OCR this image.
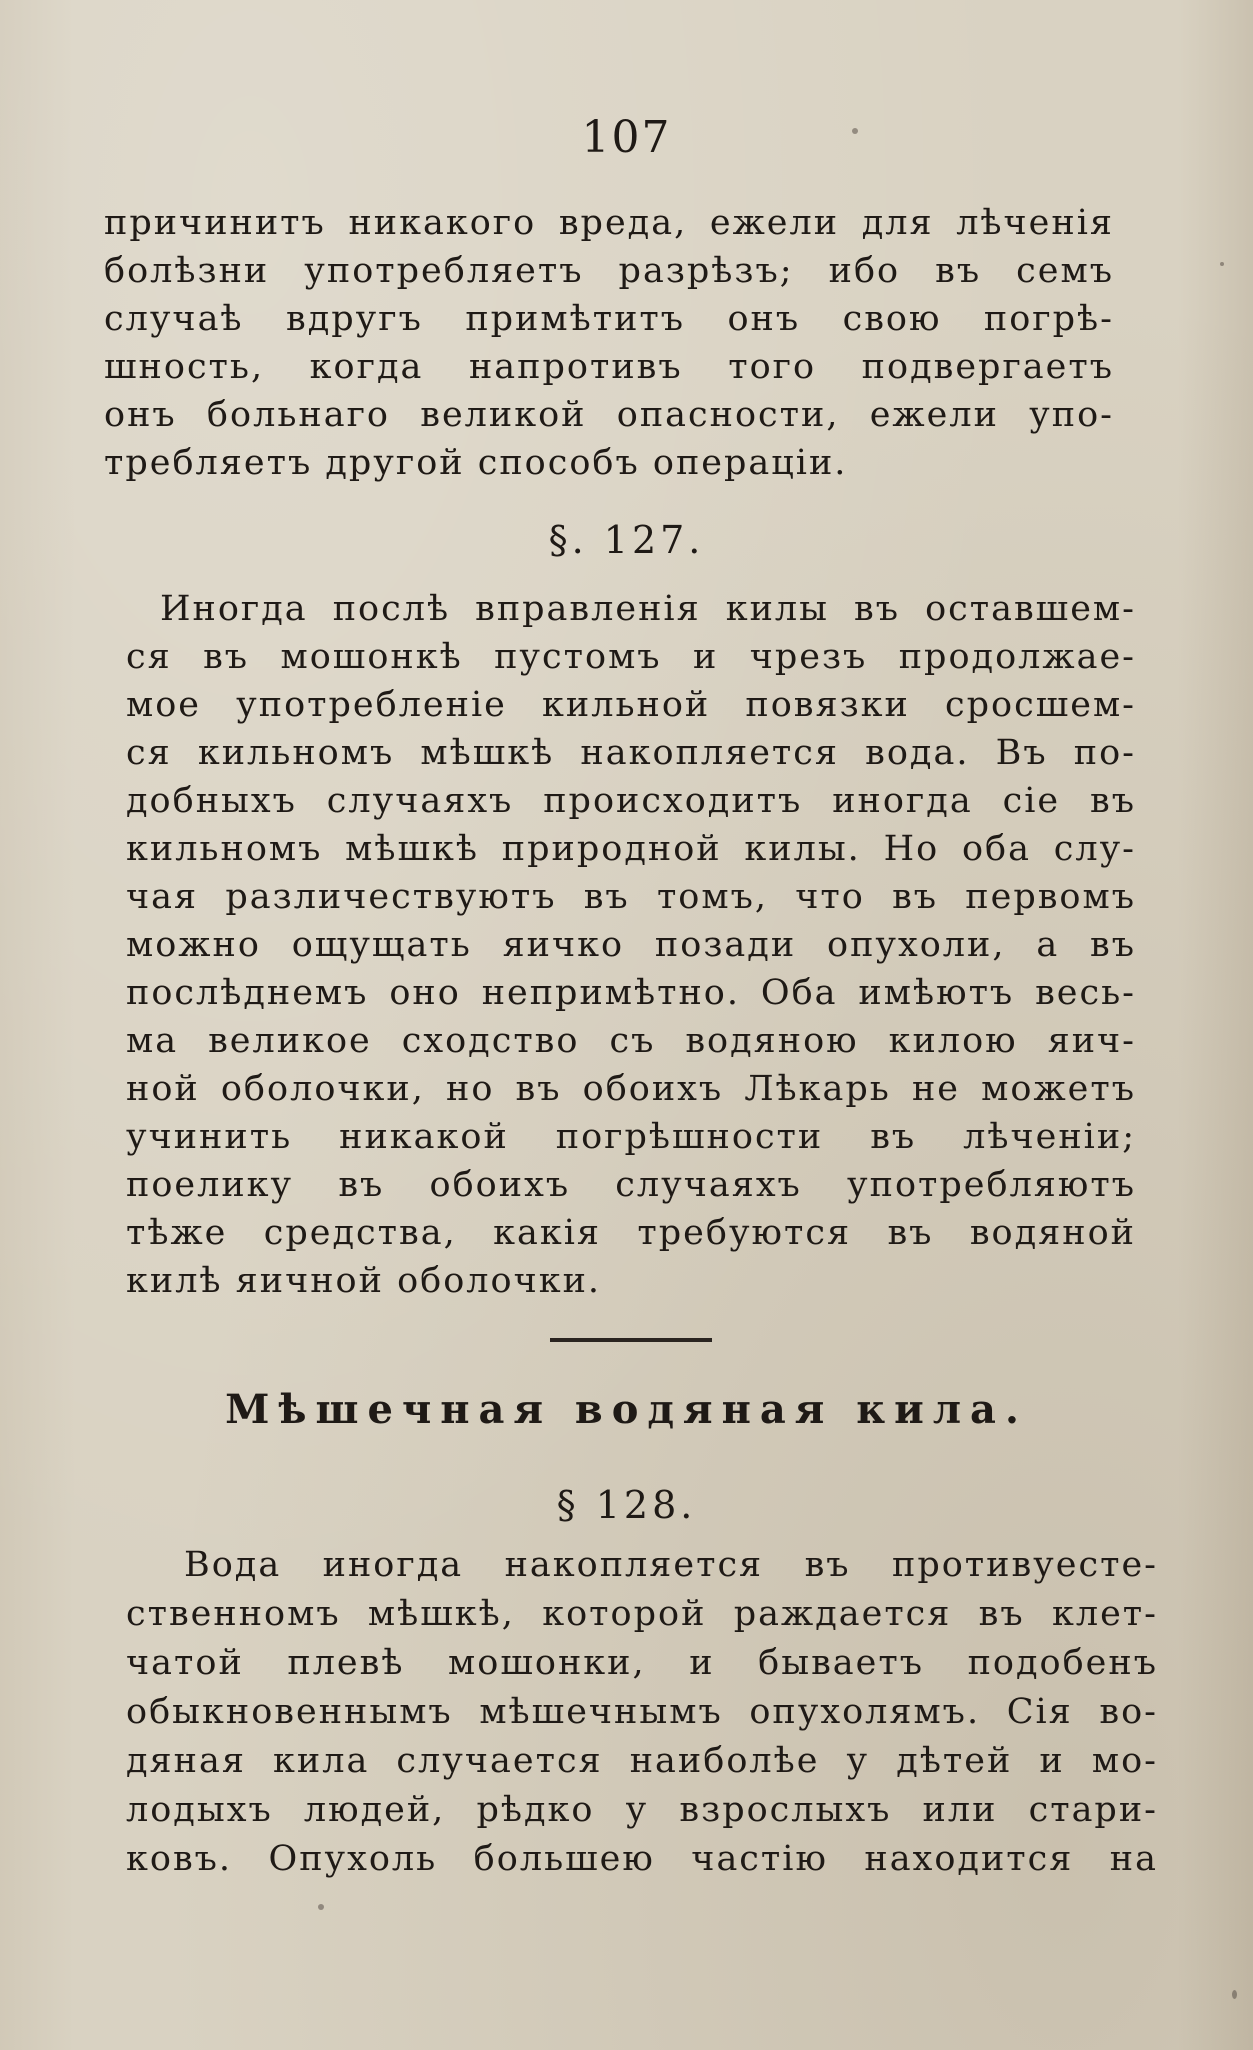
107
причинитъ никакого вреда, ежели для лѣченія
болѣзни употребляетъ разрѣзъ; ибо въ семъ
случаѣ вдругъ примѣтитъ онъ свою погрѣ-
шность, когда напротивъ того подвергаетъ
онъ больнаго великой опасности, ежели упо-
требляетъ другой способъ операціи.
§. 127.
Иногда послѣ вправленія килы въ оставшем-
ся въ мошонкѣ пустомъ и чрезъ продолжае-
мое употребленіе кильной повязки сросшем-
ся кильномъ мѣшкѣ накопляется вода. Въ по-
добныхъ случаяхъ происходитъ иногда сіе въ
кильномъ мѣшкѣ природной килы. Но оба слу-
чая различествуютъ въ томъ, что въ первомъ
можно ощущать яичко позади опухоли, а въ
послѣднемъ оно непримѣтно. Оба имѣютъ весь-
ма великое сходство съ водяною килою яич-
ной оболочки, но въ обоихъ Лѣкарь не можетъ
учинить никакой погрѣшности въ лѣченіи;
поелику въ обоихъ случаяхъ употребляютъ
тѣже средства, какія требуются въ водяной
килѣ яичной оболочки.
Мѣшечная водяная кила.
§ 128.
Вода иногда накопляется въ противуесте-
ственномъ мѣшкѣ, которой раждается въ клет-
чатой плевѣ мошонки, и бываетъ подобенъ
обыкновеннымъ мѣшечнымъ опухолямъ. Сія во-
дяная кила случается наиболѣе у дѣтей и мо-
лодыхъ людей, рѣдко у взрослыхъ или стари-
ковъ. Опухоль большею частію находится на
